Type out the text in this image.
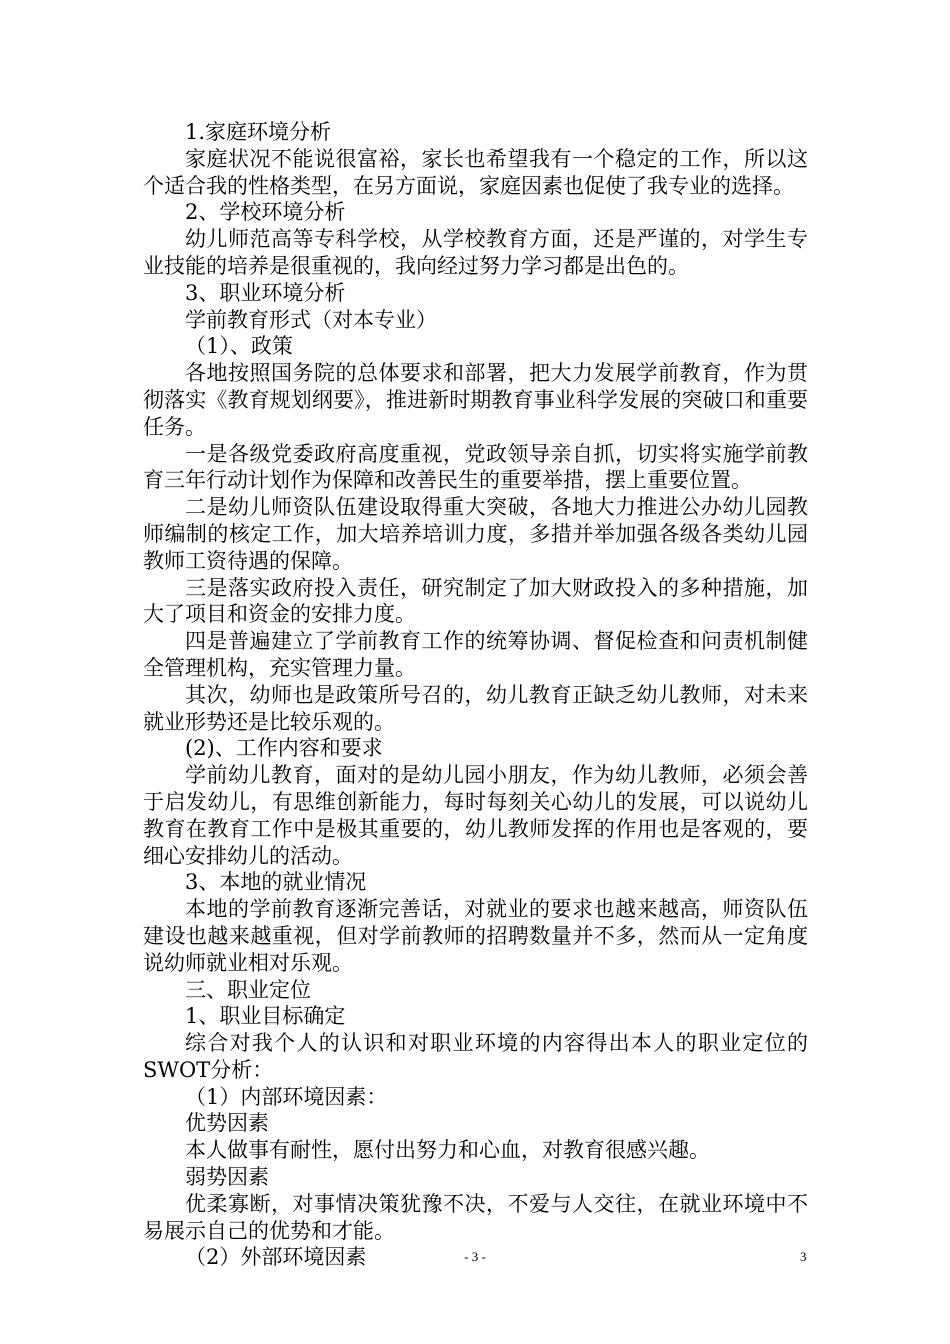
1.家庭环境分析

家庭状况不能说很富裕，家长也希望我有一个稳定的工作，所以这个适合我的性格类型，在另方面说，家庭因素也促使了我专业的选择。

2、学校环境分析

幼儿师范高等专科学校，从学校教育方面，还是严谨的，对学生专业技能的培养是很重视的，我向经过努力学习都是出色的。

3、职业环境分析

学前教育形式（对本专业）

（1）、政策

各地按照国务院的总体要求和部署，把大力发展学前教育，作为贯彻落实《教育规划纲要》，推进新时期教育事业科学发展的突破口和重要任务。

一是各级党委政府高度重视，党政领导亲自抓，切实将实施学前教育三年行动计划作为保障和改善民生的重要举措，摆上重要位置。

二是幼儿师资队伍建设取得重大突破，各地大力推进公办幼儿园教师编制的核定工作，加大培养培训力度，多措并举加强各级各类幼儿园教师工资待遇的保障。

三是落实政府投入责任，研究制定了加大财政投入的多种措施，加大了项目和资金的安排力度。

四是普遍建立了学前教育工作的统筹协调、督促检查和问责机制健全管理机构，充实管理力量。

其次，幼师也是政策所号召的，幼儿教育正缺乏幼儿教师，对未来就业形势还是比较乐观的。

(2)、工作内容和要求

学前幼儿教育，面对的是幼儿园小朋友，作为幼儿教师，必须会善于启发幼儿，有思维创新能力，每时每刻关心幼儿的发展，可以说幼儿教育在教育工作中是极其重要的，幼儿教师发挥的作用也是客观的，要细心安排幼儿的活动。

3、本地的就业情况

本地的学前教育逐渐完善话，对就业的要求也越来越高，师资队伍建设也越来越重视，但对学前教师的招聘数量并不多，然而从一定角度说幼师就业相对乐观。

三、职业定位

1、职业目标确定

综合对我个人的认识和对职业环境的内容得出本人的职业定位的SWOT分析：

（1）内部环境因素：

优势因素

本人做事有耐性，愿付出努力和心血，对教育很感兴趣。

弱势因素

优柔寡断，对事情决策犹豫不决，不爱与人交往，在就业环境中不易展示自己的优势和才能。

（2）外部环境因素	- 3 -	3
